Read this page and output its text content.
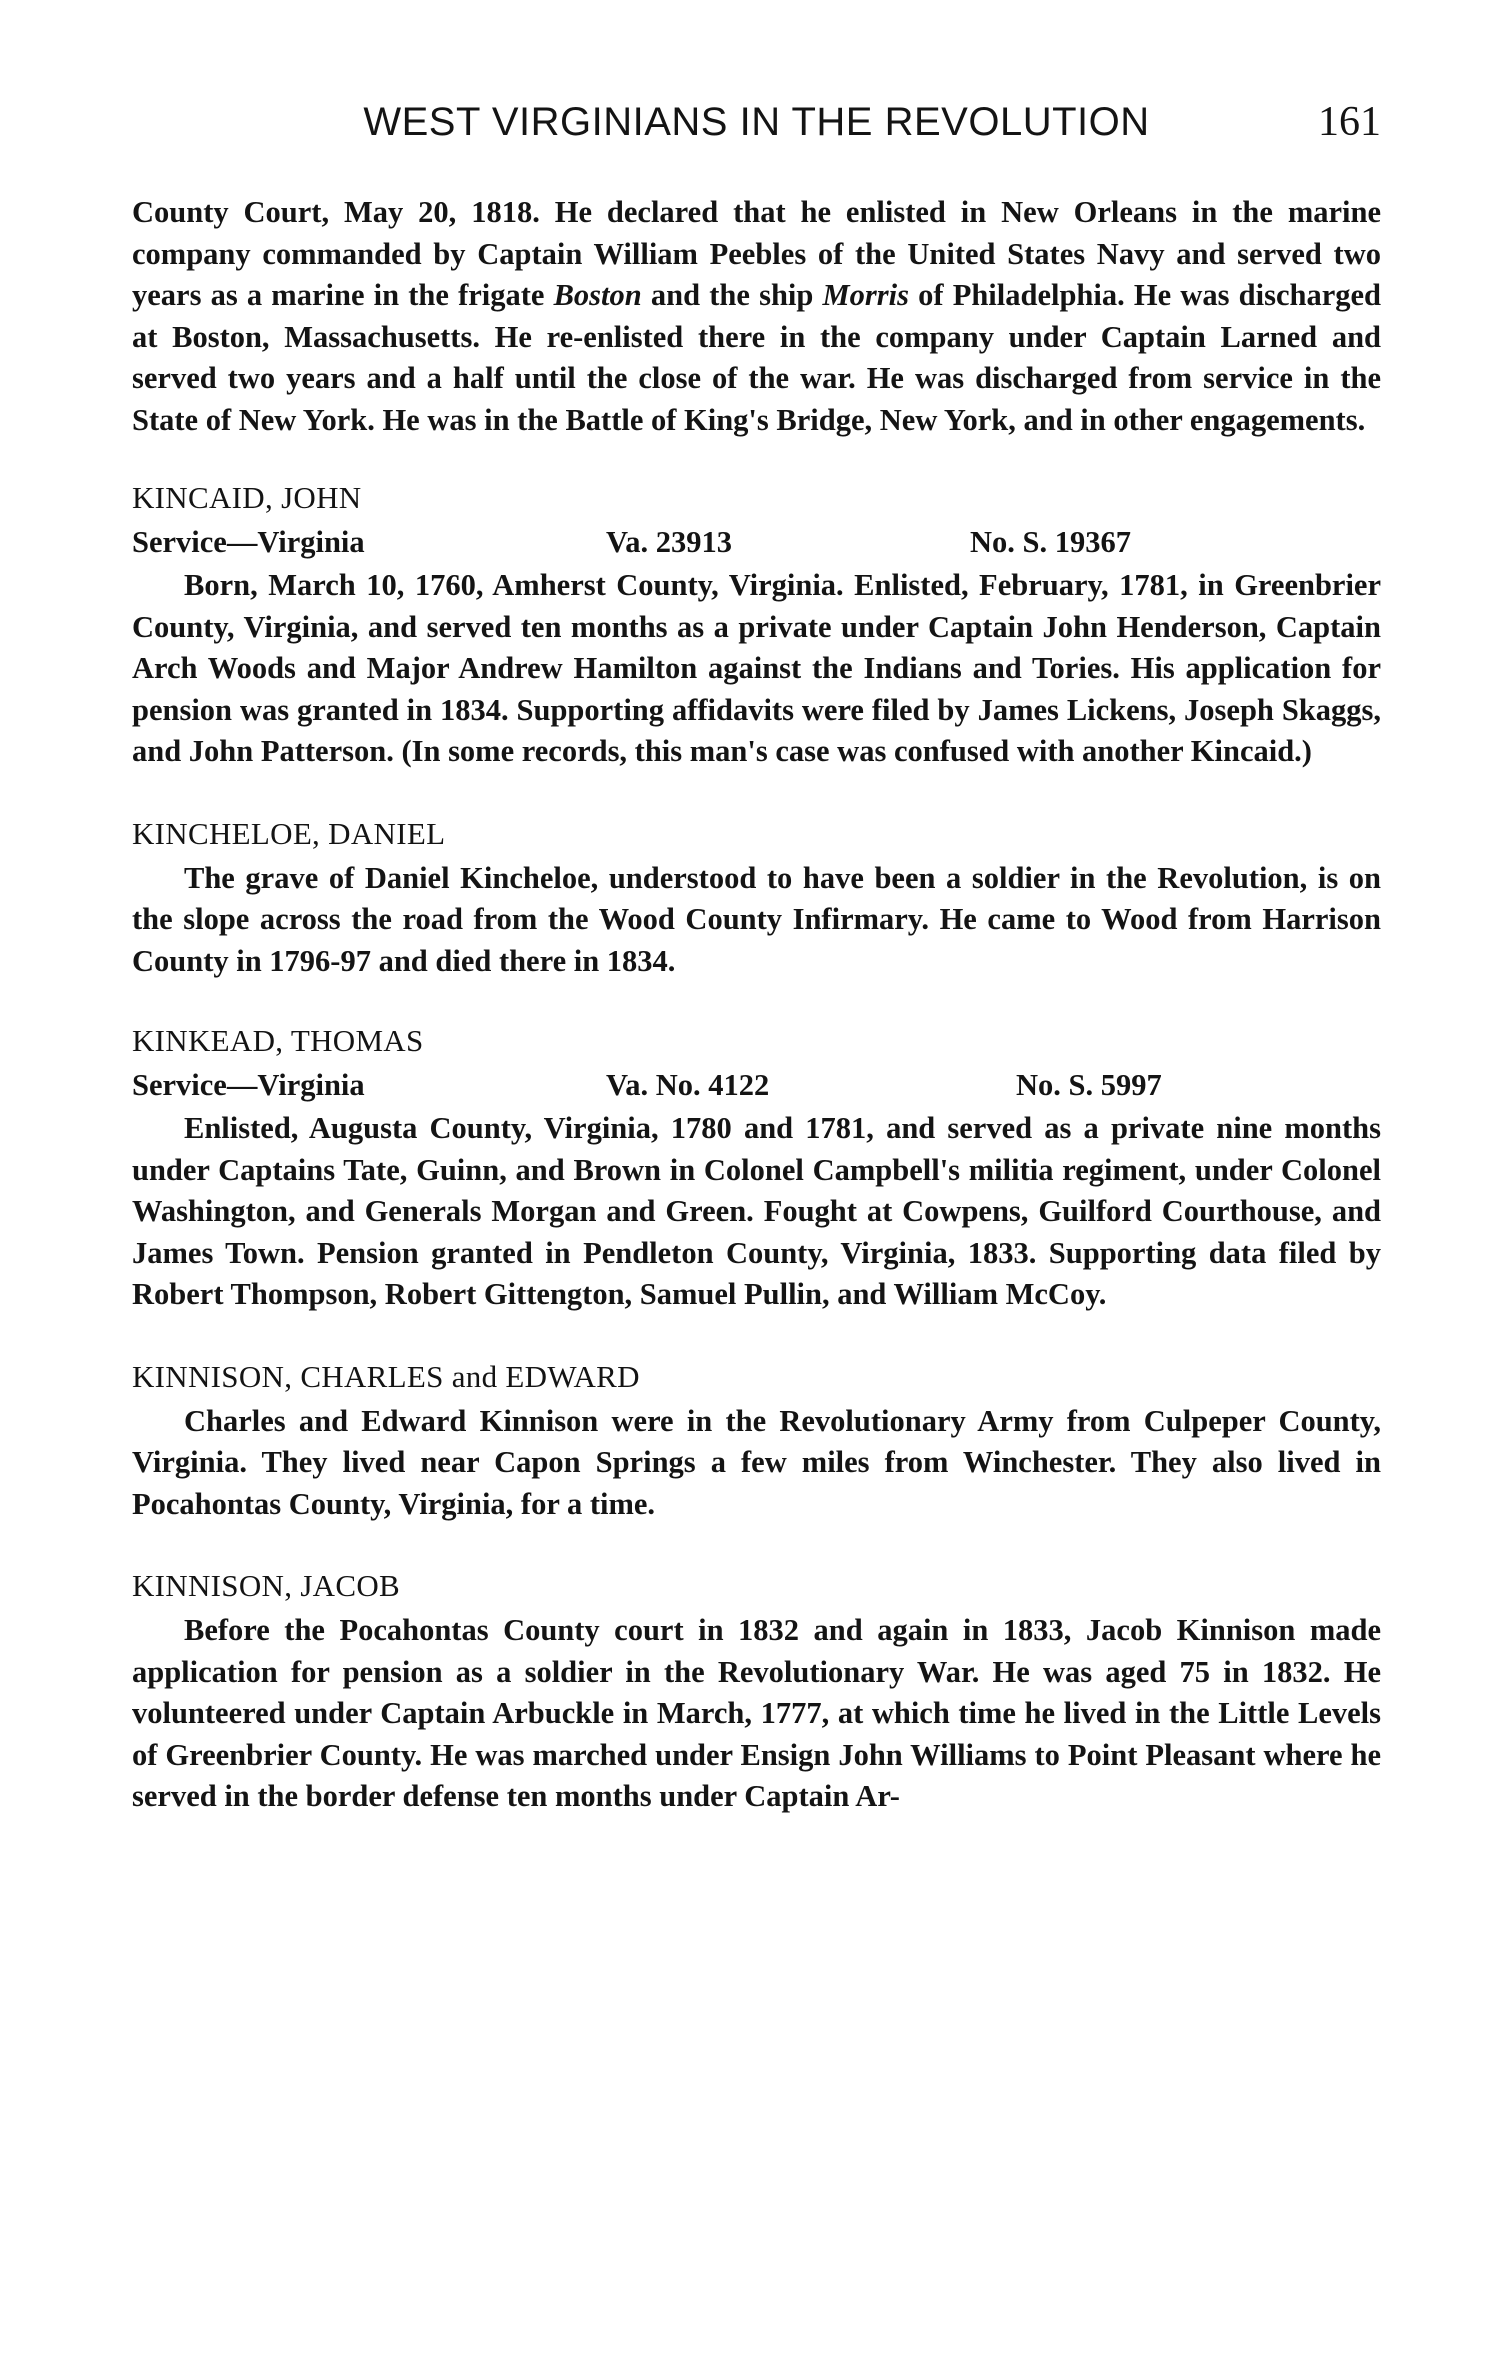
WEST VIRGINIANS IN THE REVOLUTION	161

County Court, May 20, 1818. He declared that he enlisted in New Orleans in the marine company commanded by Captain William Peebles of the United States Navy and served two years as a marine in the frigate Boston and the ship Morris of Philadelphia. He was discharged at Boston, Massachusetts. He re-enlisted there in the company under Captain Larned and served two years and a half until the close of the war. He was discharged from service in the State of New York. He was in the Battle of King's Bridge, New York, and in other engagements.

KINCAID, JOHN
Service—Virginia	Va. 23913	No. S. 19367

Born, March 10, 1760, Amherst County, Virginia. Enlisted, February, 1781, in Greenbrier County, Virginia, and served ten months as a private under Captain John Henderson, Captain Arch Woods and Major Andrew Hamilton against the Indians and Tories. His application for pension was granted in 1834. Supporting affidavits were filed by James Lickens, Joseph Skaggs, and John Patterson. (In some records, this man's case was confused with another Kincaid.)

KINCHELOE, DANIEL

The grave of Daniel Kincheloe, understood to have been a soldier in the Revolution, is on the slope across the road from the Wood County Infirmary. He came to Wood from Harrison County in 1796-97 and died there in 1834.

KINKEAD, THOMAS
Service—Virginia	Va. No. 4122	No. S. 5997

Enlisted, Augusta County, Virginia, 1780 and 1781, and served as a private nine months under Captains Tate, Guinn, and Brown in Colonel Campbell's militia regiment, under Colonel Washington, and Generals Morgan and Green. Fought at Cowpens, Guilford Courthouse, and James Town. Pension granted in Pendleton County, Virginia, 1833. Supporting data filed by Robert Thompson, Robert Gittengton, Samuel Pullin, and William McCoy.

KINNISON, CHARLES and EDWARD

Charles and Edward Kinnison were in the Revolutionary Army from Culpeper County, Virginia. They lived near Capon Springs a few miles from Winchester. They also lived in Pocahontas County, Virginia, for a time.

KINNISON, JACOB

Before the Pocahontas County court in 1832 and again in 1833, Jacob Kinnison made application for pension as a soldier in the Revolutionary War. He was aged 75 in 1832. He volunteered under Captain Arbuckle in March, 1777, at which time he lived in the Little Levels of Greenbrier County. He was marched under Ensign John Williams to Point Pleasant where he served in the border defense ten months under Captain Ar-
